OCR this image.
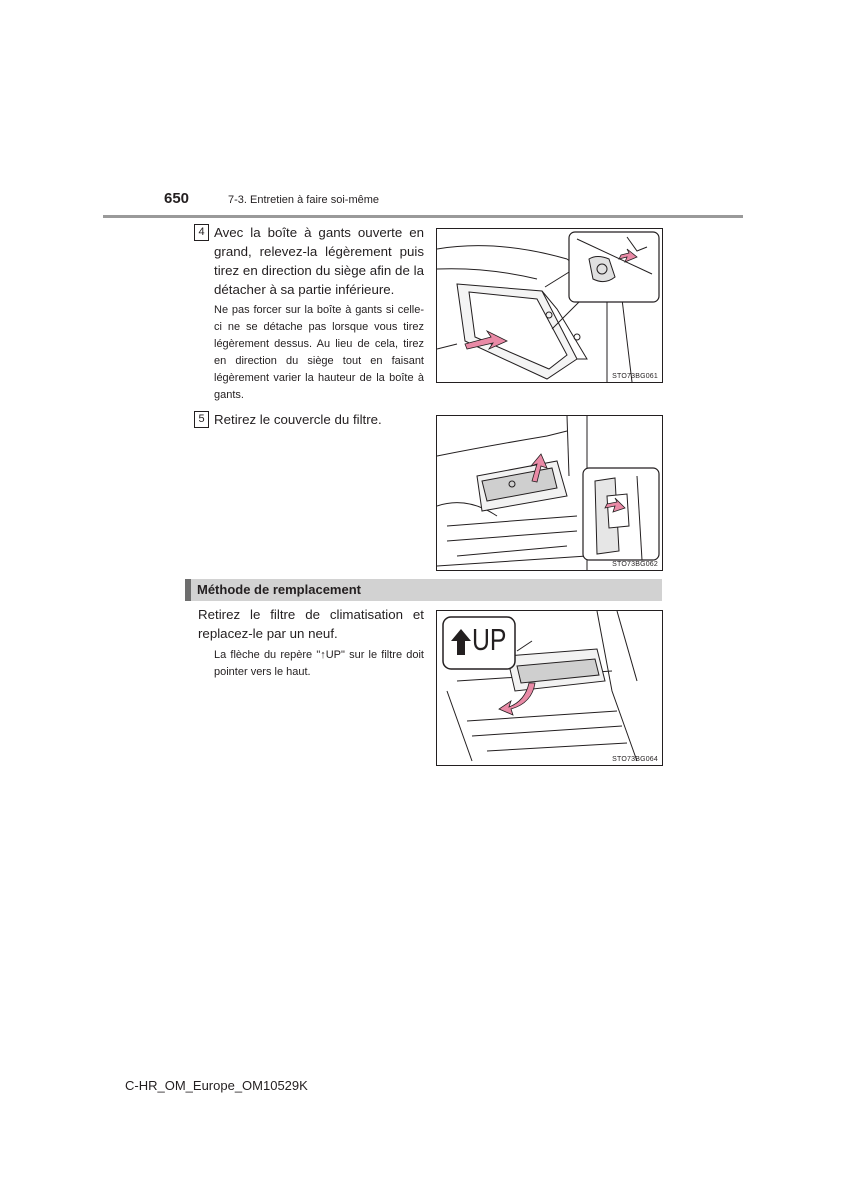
650	7-3. Entretien à faire soi-même
4 Avec la boîte à gants ouverte en grand, relevez-la légèrement puis tirez en direction du siège afin de la détacher à sa partie inférieure.
Ne pas forcer sur la boîte à gants si celle-ci ne se détache pas lorsque vous tirez légèrement dessus. Au lieu de cela, tirez en direction du siège tout en faisant légèrement varier la hauteur de la boîte à gants.
STO73BG061
5 Retirez le couvercle du filtre.
STO73BG062
Méthode de remplacement
Retirez le filtre de climatisation et replacez-le par un neuf.
La flèche du repère "↑UP" sur le filtre doit pointer vers le haut.
UP
STO73BG064
C-HR_OM_Europe_OM10529K
